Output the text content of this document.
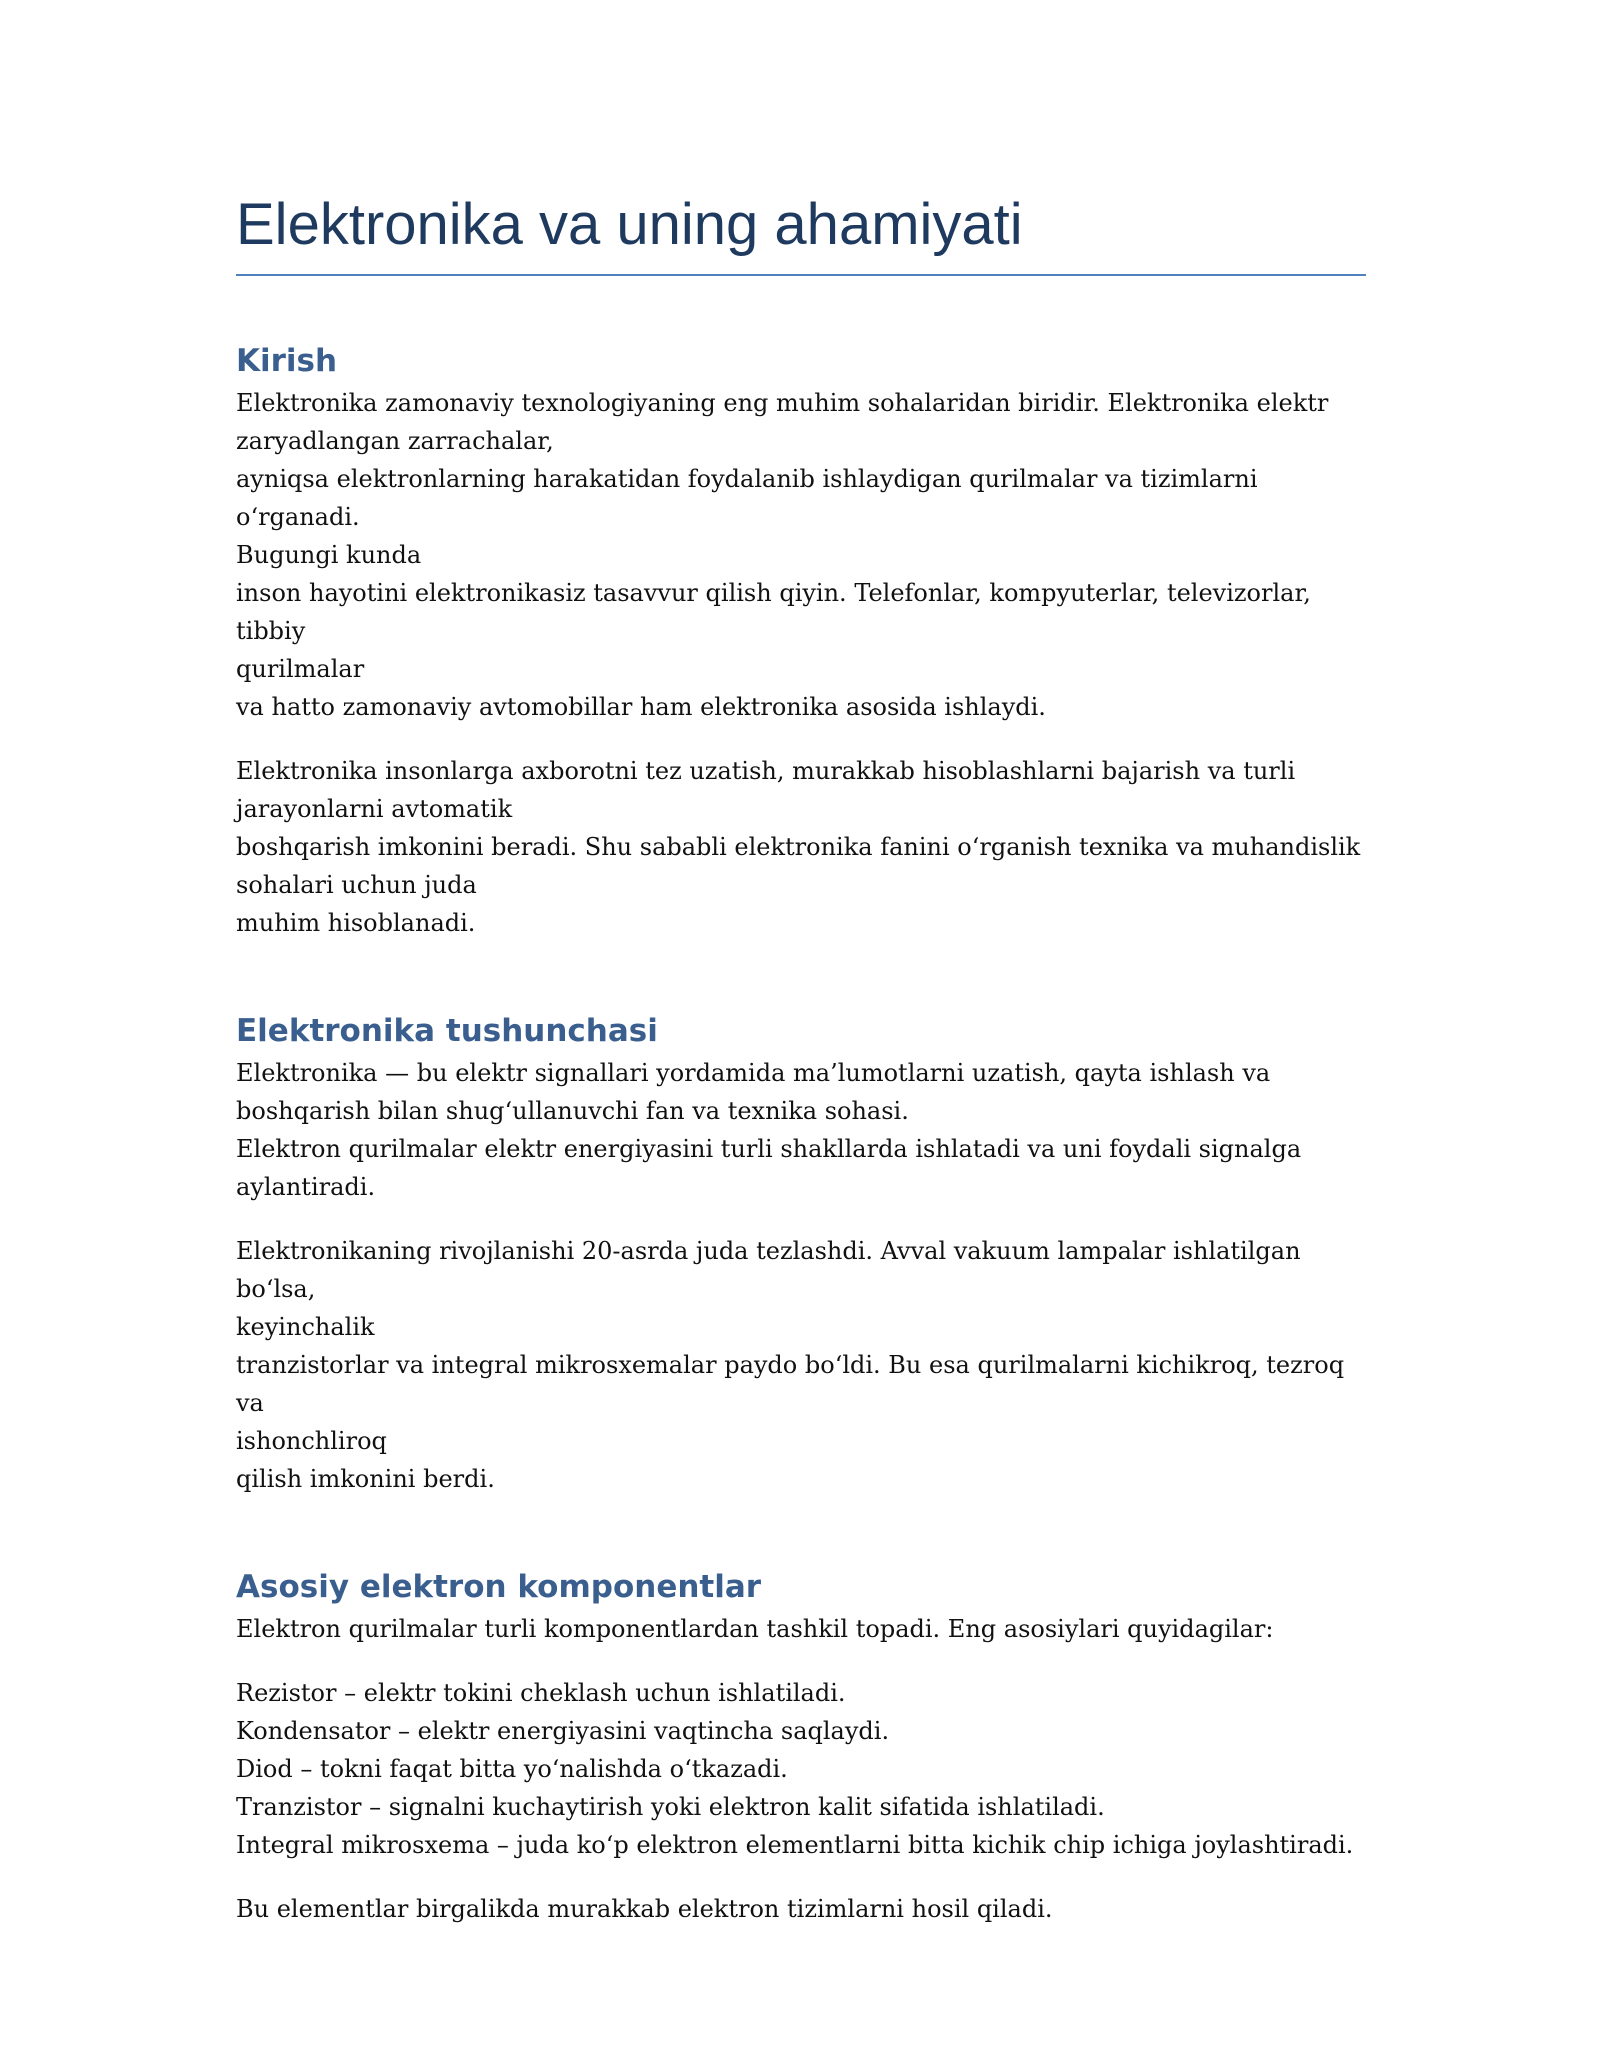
Elektronika va uning ahamiyati
Kirish

Elektronika zamonaviy texnologiyaning eng muhim sohalaridan biridir. Elektronika elektr
zaryadlangan zarrachalar,
ayniqsa elektronlarning harakatidan foydalanib ishlaydigan qurilmalar va tizimlarni o‘rganadi.
Bugungi kunda
inson hayotini elektronikasiz tasavvur qilish qiyin. Telefonlar, kompyuterlar, televizorlar, tibbiy
qurilmalar
va hatto zamonaviy avtomobillar ham elektronika asosida ishlaydi.

Elektronika insonlarga axborotni tez uzatish, murakkab hisoblashlarni bajarish va turli
jarayonlarni avtomatik
boshqarish imkonini beradi. Shu sababli elektronika fanini o‘rganish texnika va muhandislik
sohalari uchun juda
muhim hisoblanadi.

Elektronika tushunchasi

Elektronika — bu elektr signallari yordamida ma’lumotlarni uzatish, qayta ishlash va
boshqarish bilan shug‘ullanuvchi fan va texnika sohasi.
Elektron qurilmalar elektr energiyasini turli shakllarda ishlatadi va uni foydali signalga
aylantiradi.

Elektronikaning rivojlanishi 20-asrda juda tezlashdi. Avval vakuum lampalar ishlatilgan bo‘lsa,
keyinchalik
tranzistorlar va integral mikrosxemalar paydo bo‘ldi. Bu esa qurilmalarni kichikroq, tezroq va
ishonchliroq
qilish imkonini berdi.

Asosiy elektron komponentlar

Elektron qurilmalar turli komponentlardan tashkil topadi. Eng asosiylari quyidagilar:

Rezistor – elektr tokini cheklash uchun ishlatiladi.
Kondensator – elektr energiyasini vaqtincha saqlaydi.
Diod – tokni faqat bitta yo‘nalishda o‘tkazadi.
Tranzistor – signalni kuchaytirish yoki elektron kalit sifatida ishlatiladi.
Integral mikrosxema – juda ko‘p elektron elementlarni bitta kichik chip ichiga joylashtiradi.

Bu elementlar birgalikda murakkab elektron tizimlarni hosil qiladi.
